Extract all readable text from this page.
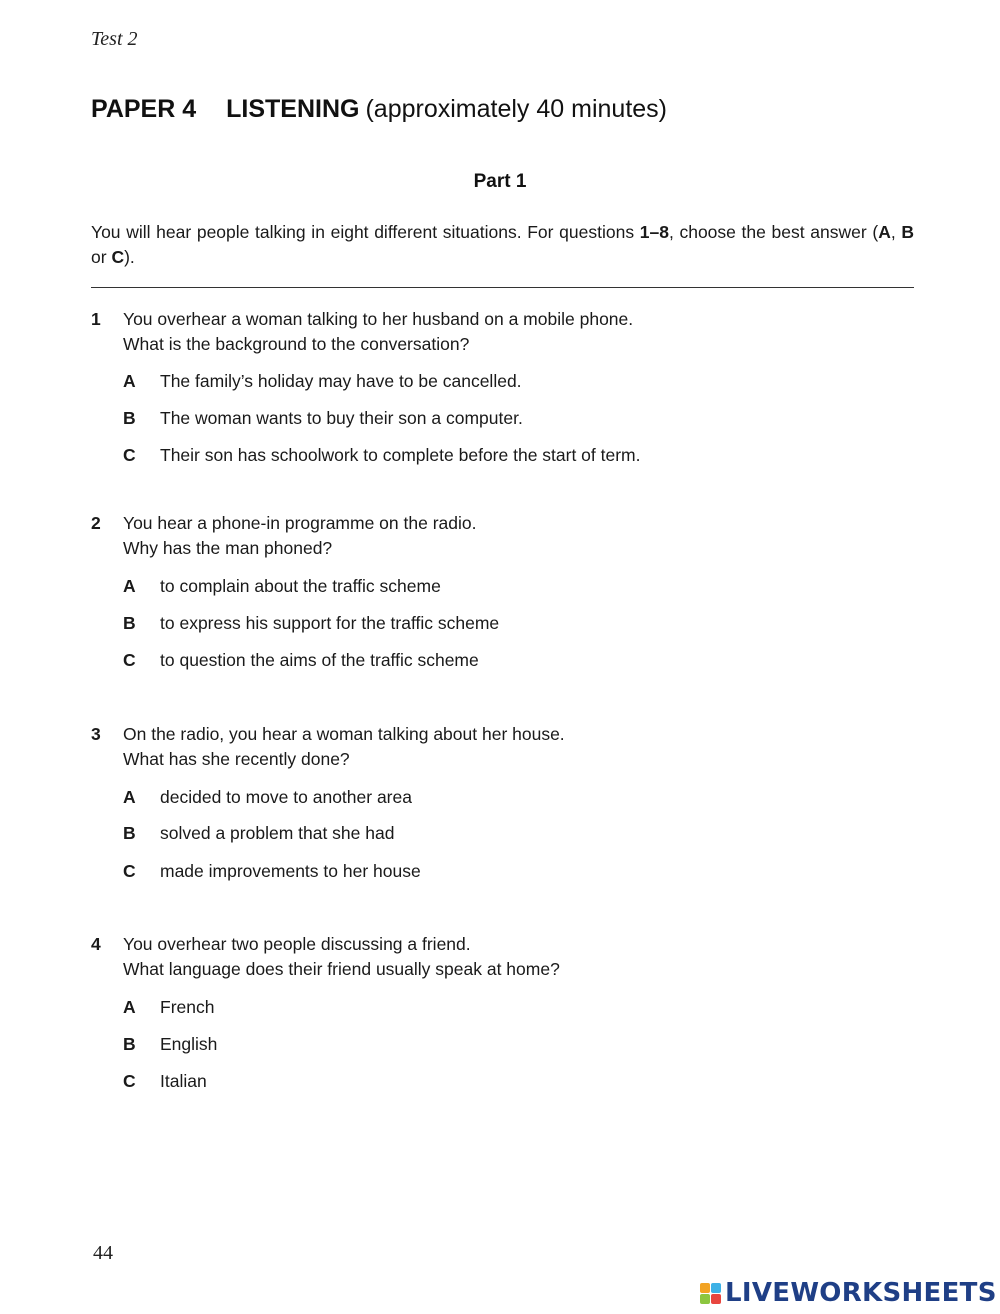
Test 2
PAPER 4 LISTENING (approximately 40 minutes)
Part 1
You will hear people talking in eight different situations. For questions 1–8, choose the best answer (A, B or C).
1 You overhear a woman talking to her husband on a mobile phone.
What is the background to the conversation?
A The family’s holiday may have to be cancelled.
B The woman wants to buy their son a computer.
C Their son has schoolwork to complete before the start of term.
2 You hear a phone-in programme on the radio.
Why has the man phoned?
A to complain about the traffic scheme
B to express his support for the traffic scheme
C to question the aims of the traffic scheme
3 On the radio, you hear a woman talking about her house.
What has she recently done?
A decided to move to another area
B solved a problem that she had
C made improvements to her house
4 You overhear two people discussing a friend.
What language does their friend usually speak at home?
A French
B English
C Italian
44
LIVEWORKSHEETS
